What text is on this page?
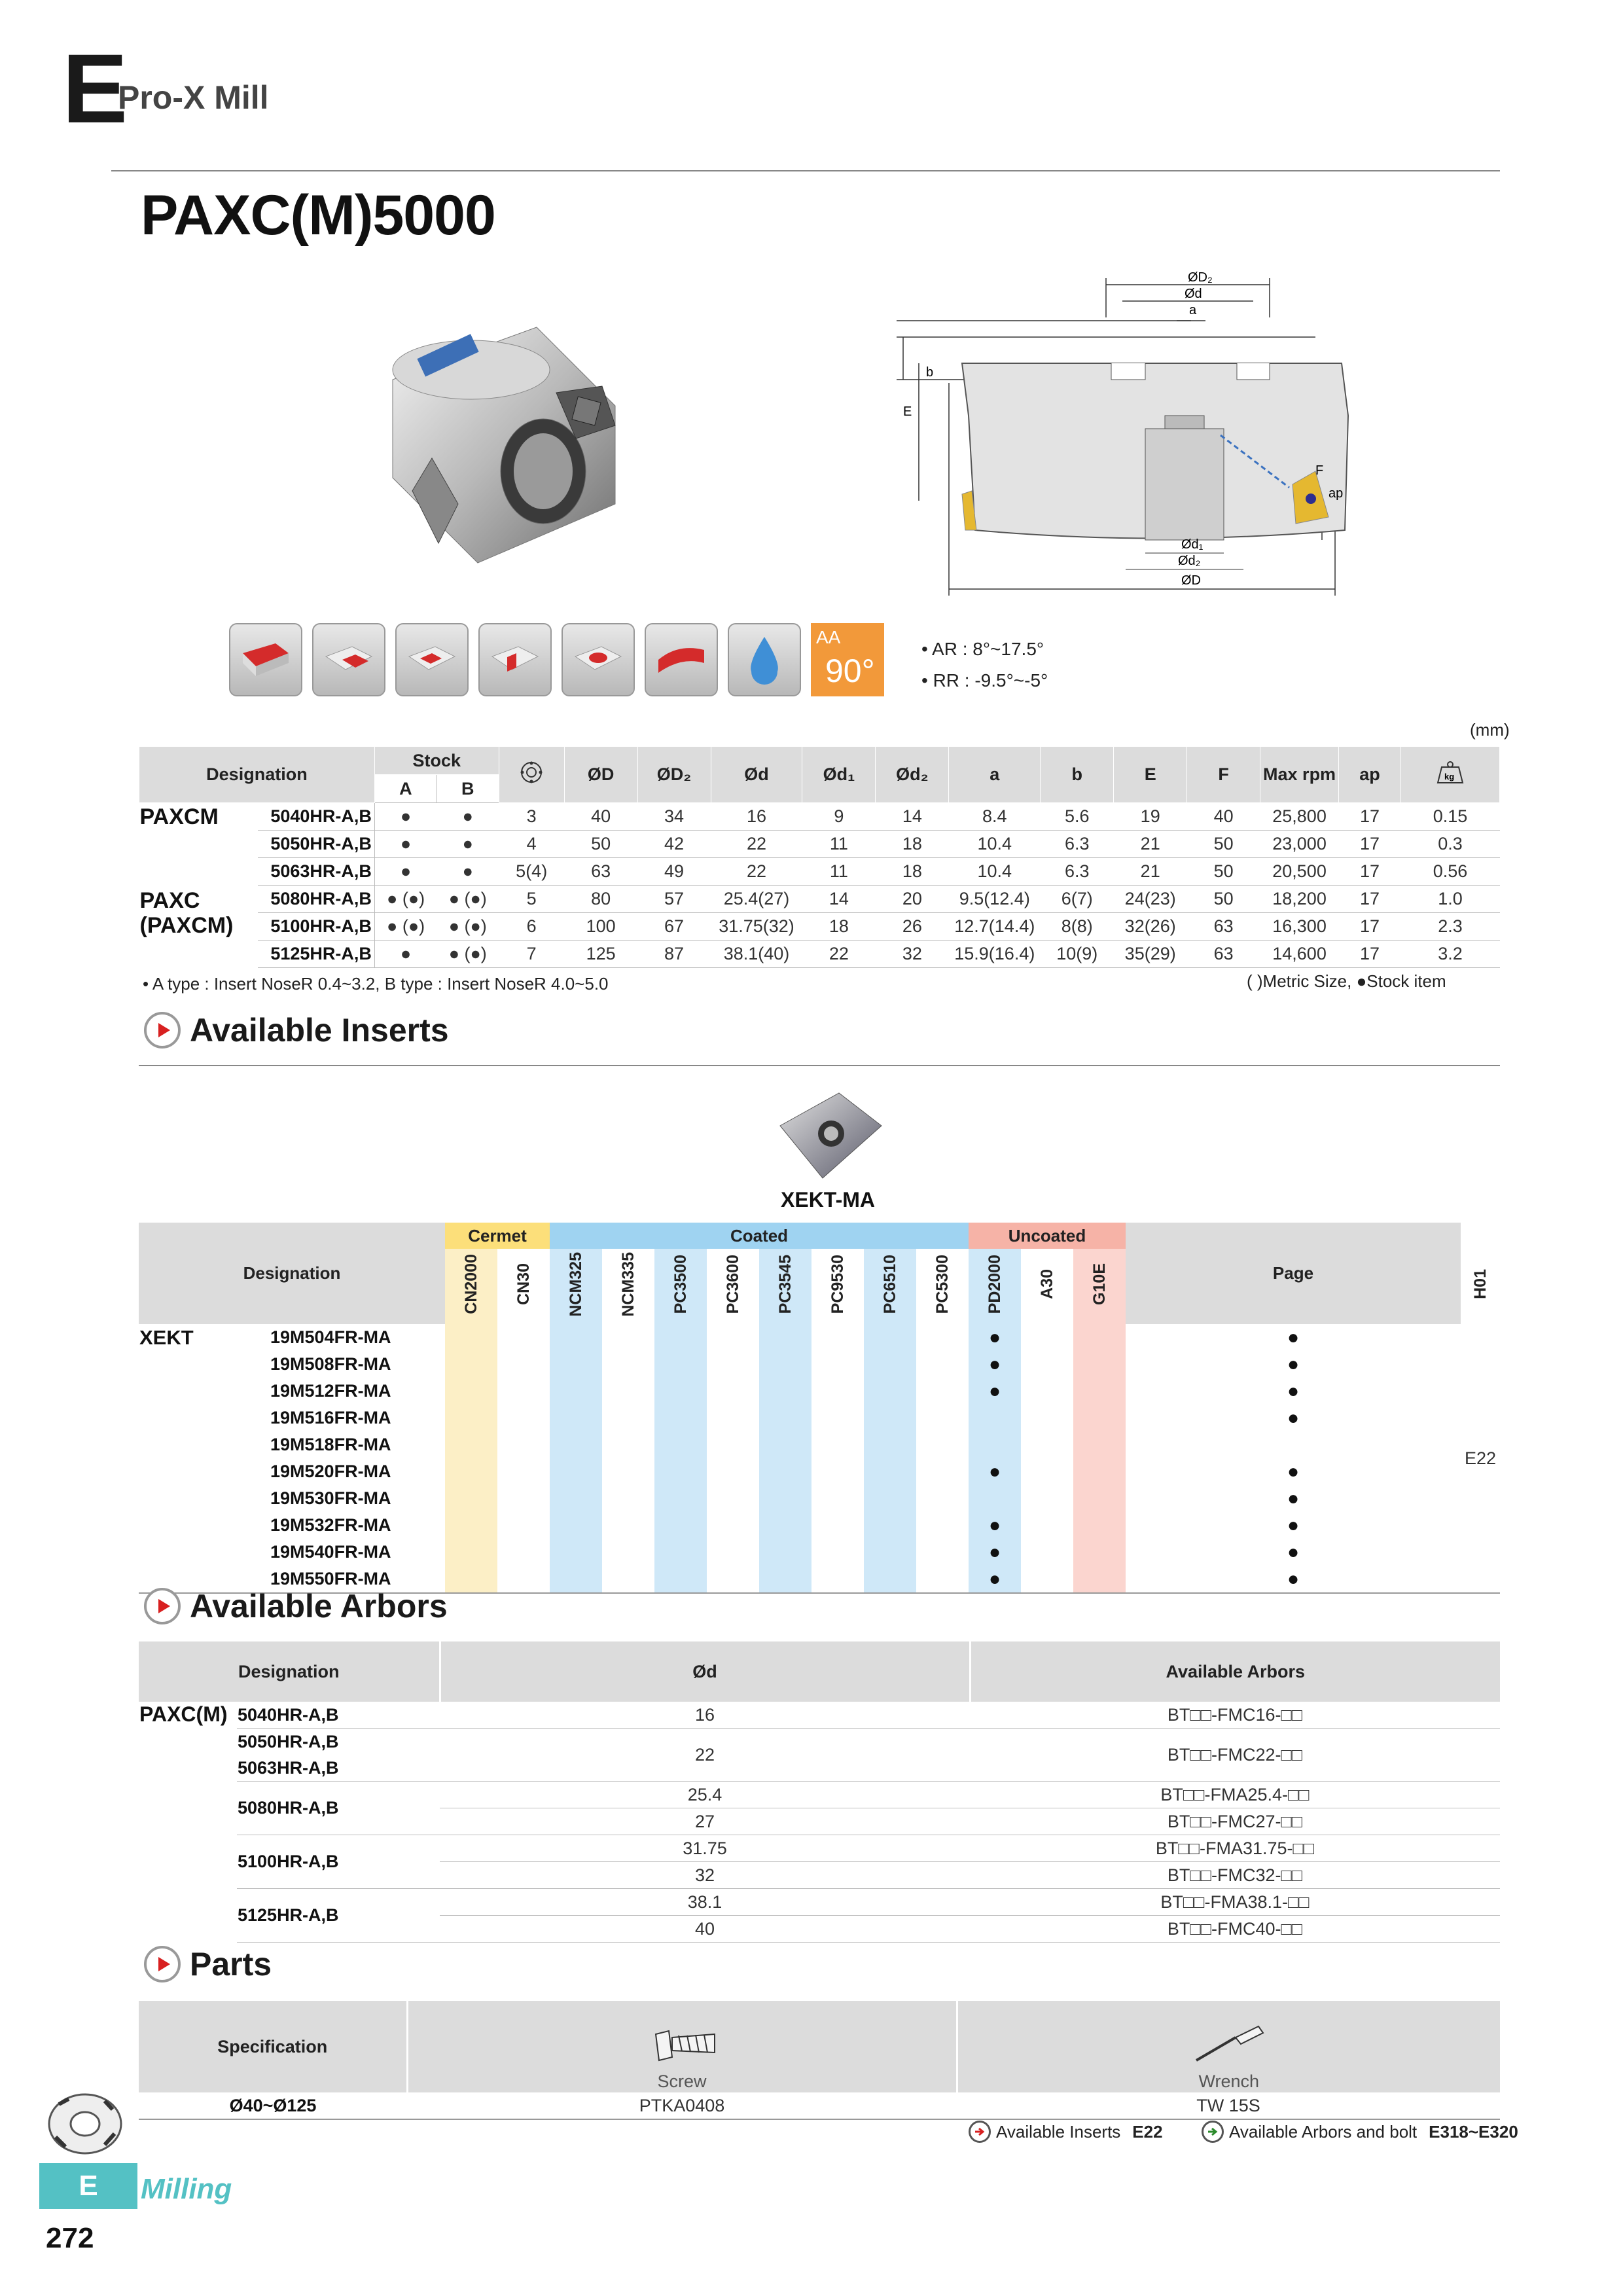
E
Pro-X Mill
PAXC(M)5000
ØD₂
Ød
a
b
E
F
ap
Ød₁
Ød₂
ØD
AA
90°
• AR : 8°~17.5°
• RR : -9.5°~-5°
(mm)
Designation		Stock			ØD	ØD₂	Ød	Ød₁	Ød₂	a	b	E	F	Max rpm	ap	kg

		A	B													
PAXCM	5040HR-A,B	●	●	3	40	34	16	9	14	8.4	5.6	19	40	25,800	17	0.15
	5050HR-A,B	●	●	4	50	42	22	11	18	10.4	6.3	21	50	23,000	17	0.3
	5063HR-A,B	●	●	5(4)	63	49	22	11	18	10.4	6.3	21	50	20,500	17	0.56

PAXC
(PAXCM)	5080HR-A,B	● (●)	● (●)	5	80	57	25.4(27)	14	20	9.5(12.4)	6(7)	24(23)	50	18,200	17	1.0
	5100HR-A,B	● (●)	● (●)	6	100	67	31.75(32)	18	26	12.7(14.4)	8(8)	32(26)	63	16,300	17	2.3
	5125HR-A,B	●	● (●)	7	125	87	38.1(40)	22	32	15.9(16.4)	10(9)	35(29)	63	14,600	17	3.2
• A type : Insert NoseR 0.4~3.2, B type : Insert NoseR 4.0~5.0	( )Metric Size, ●Stock item
Available Inserts
XEKT-MA
Designation		Cermet		Coated								Uncoated			Page	
		CN2000	CN30	NCM325	NCM335	PC3500	PC3600	PC3545	PC9530	PC6510	PC5300	PD2000	A30	G10E		H01
XEKT	19M504FR-MA											●			●	E22
	19M508FR-MA											●			●	
	19M512FR-MA											●			●	
	19M516FR-MA														●	
	19M518FR-MA															
	19M520FR-MA											●			●	
	19M530FR-MA														●	
	19M532FR-MA											●			●	
	19M540FR-MA											●			●	
	19M550FR-MA											●			●	

Available Arbors
Designation		Ød	Available Arbors
PAXC(M)	5040HR-A,B	16	BT□□-FMC16-□□
	5050HR-A,B	22	BT□□-FMC22-□□
	5063HR-A,B		
	5080HR-A,B	25.4	BT□□-FMA25.4-□□
		27	BT□□-FMC27-□□
	5100HR-A,B	31.75	BT□□-FMA31.75-□□
		32	BT□□-FMC32-□□
	5125HR-A,B	38.1	BT□□-FMA38.1-□□
		40	BT□□-FMC40-□□
Parts
Specification	Screw	Wrench

Ø40~Ø125	PTKA0408	TW 15S
Available Inserts E22	Available Arbors and bolt E318~E320
E	Milling
272
